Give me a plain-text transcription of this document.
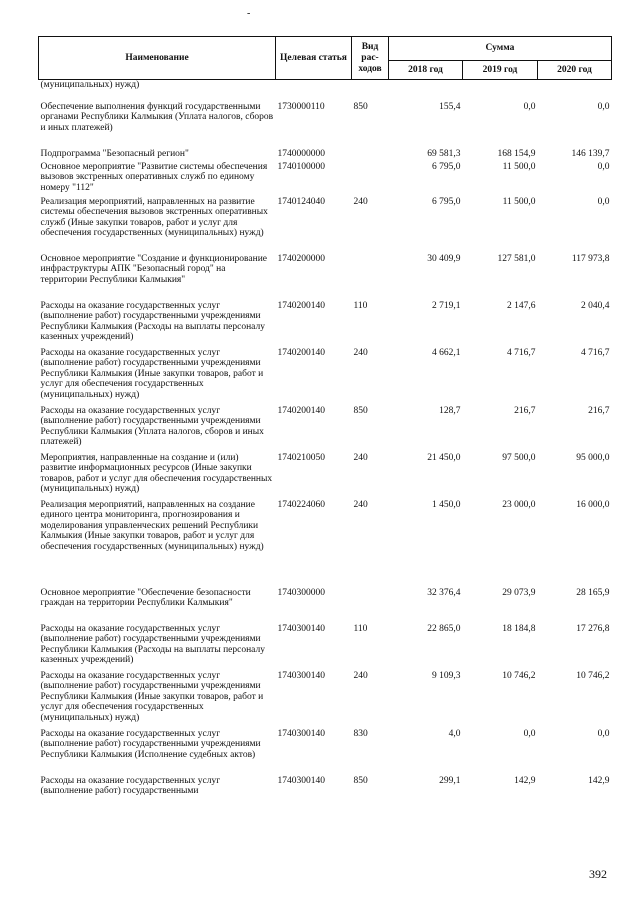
-
Наименование	Целевая статья	Вид рас-ходов	Сумма		
			2018 год	2019 год	2020 год
(муниципальных) нужд)					
Обеспечение выполнения функций государственными органами Республики Калмыкия (Уплата налогов, сборов и иных платежей)	1730000110	850	155,4	0,0	0,0
Подпрограмма "Безопасный регион"	1740000000		69 581,3	168 154,9	146 139,7
Основное мероприятие "Развитие системы обеспечения вызовов экстренных оперативных служб по единому номеру "112"	1740100000		6 795,0	11 500,0	0,0
Реализация мероприятий, направленных на развитие системы обеспечения вызовов экстренных оперативных служб (Иные закупки товаров, работ и услуг для обеспечения государственных (муниципальных) нужд)	1740124040	240	6 795,0	11 500,0	0,0
Основное мероприятие "Создание и функционирование инфраструктуры АПК "Безопасный город" на территории Республики Калмыкия"	1740200000		30 409,9	127 581,0	117 973,8
Расходы на оказание государственных услуг (выполнение работ) государственными учреждениями Республики Калмыкия (Расходы на выплаты персоналу казенных учреждений)	1740200140	110	2 719,1	2 147,6	2 040,4
Расходы на оказание государственных услуг (выполнение работ) государственными учреждениями Республики Калмыкия (Иные закупки товаров, работ и услуг для обеспечения государственных (муниципальных) нужд)	1740200140	240	4 662,1	4 716,7	4 716,7
Расходы на оказание государственных услуг (выполнение работ) государственными учреждениями Республики Калмыкия (Уплата налогов, сборов и иных платежей)	1740200140	850	128,7	216,7	216,7
Мероприятия, направленные на создание и (или) развитие информационных ресурсов (Иные закупки товаров, работ и услуг для обеспечения государственных (муниципальных) нужд)	1740210050	240	21 450,0	97 500,0	95 000,0
Реализация мероприятий, направленных на создание единого центра мониторинга, прогнозирования и моделирования управленческих решений Республики Калмыкия (Иные закупки товаров, работ и услуг для обеспечения государственных (муниципальных) нужд)	1740224060	240	1 450,0	23 000,0	16 000,0
Основное мероприятие "Обеспечение безопасности граждан на территории Республики Калмыкия"	1740300000		32 376,4	29 073,9	28 165,9
Расходы на оказание государственных услуг (выполнение работ) государственными учреждениями Республики Калмыкия (Расходы на выплаты персоналу казенных учреждений)	1740300140	110	22 865,0	18 184,8	17 276,8
Расходы на оказание государственных услуг (выполнение работ) государственными учреждениями Республики Калмыкия (Иные закупки товаров, работ и услуг для обеспечения государственных (муниципальных) нужд)	1740300140	240	9 109,3	10 746,2	10 746,2
Расходы на оказание государственных услуг (выполнение работ) государственными учреждениями Республики Калмыкия (Исполнение судебных актов)	1740300140	830	4,0	0,0	0,0
Расходы на оказание государственных услуг (выполнение работ) государственными	1740300140	850	299,1	142,9	142,9
392
